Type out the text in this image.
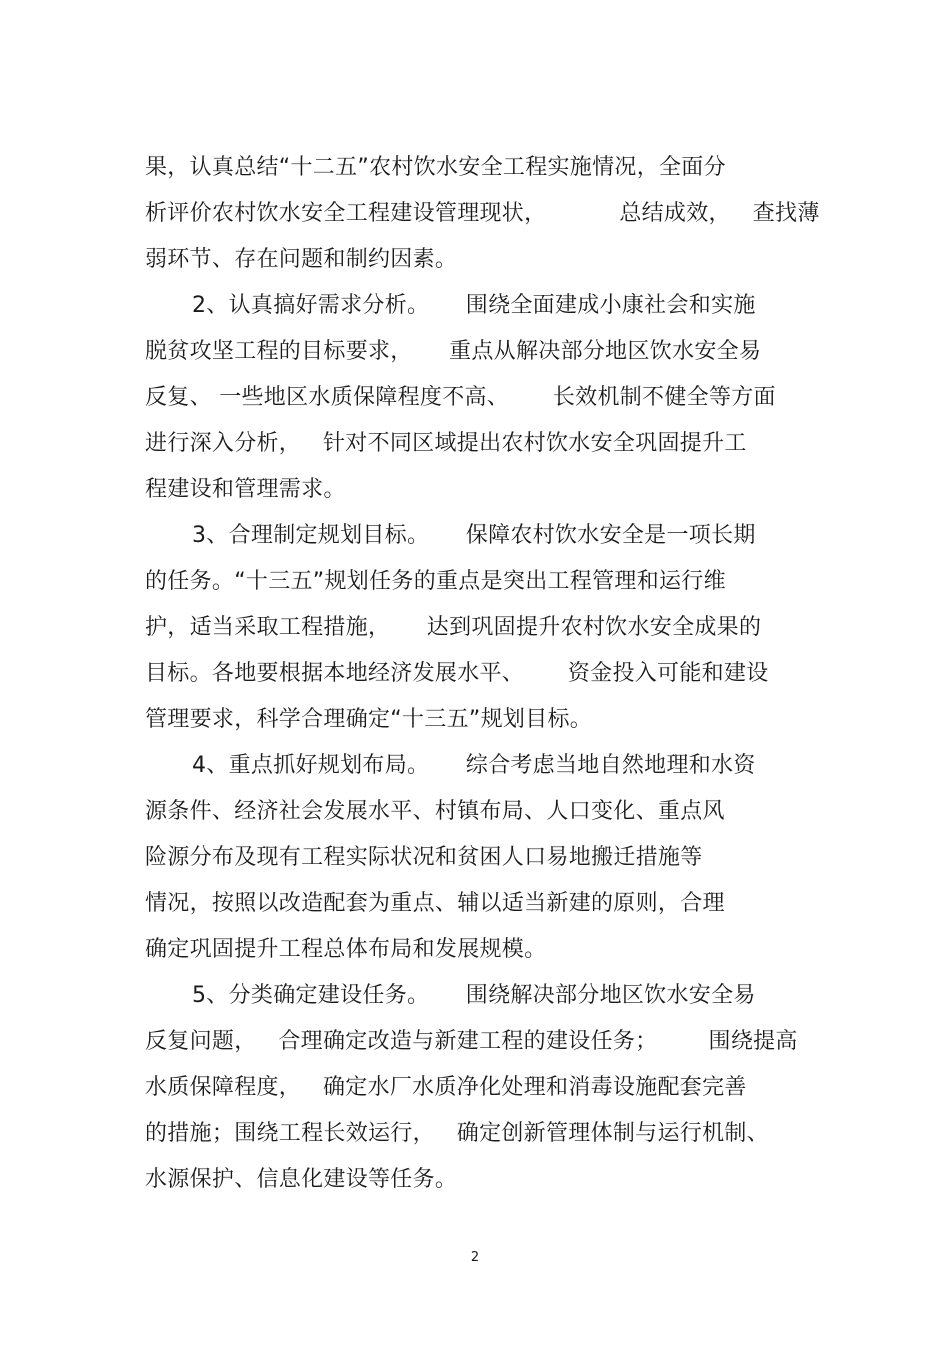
果，认真总结“十二五”农村饮水安全工程实施情况，全面分
析评价农村饮水安全工程建设管理现状，          总结成效，   查找薄
弱环节、存在问题和制约因素。
2、认真搞好需求分析。     围绕全面建成小康社会和实施
脱贫攻坚工程的目标要求，     重点从解决部分地区饮水安全易
反复、 一些地区水质保障程度不高、      长效机制不健全等方面
进行深入分析，   针对不同区域提出农村饮水安全巩固提升工
程建设和管理需求。
3、合理制定规划目标。     保障农村饮水安全是一项长期
的任务。“十三五”规划任务的重点是突出工程管理和运行维
护，适当采取工程措施，     达到巩固提升农村饮水安全成果的
目标。各地要根据本地经济发展水平、      资金投入可能和建设
管理要求，科学合理确定“十三五”规划目标。
4、重点抓好规划布局。     综合考虑当地自然地理和水资
源条件、经济社会发展水平、村镇布局、人口变化、重点风
险源分布及现有工程实际状况和贫困人口易地搬迁措施等
情况，按照以改造配套为重点、辅以适当新建的原则，合理
确定巩固提升工程总体布局和发展规模。
5、分类确定建设任务。     围绕解决部分地区饮水安全易
反复问题，   合理确定改造与新建工程的建设任务；       围绕提高
水质保障程度，   确定水厂水质净化处理和消毒设施配套完善
的措施；围绕工程长效运行，   确定创新管理体制与运行机制、
水源保护、信息化建设等任务。
2
